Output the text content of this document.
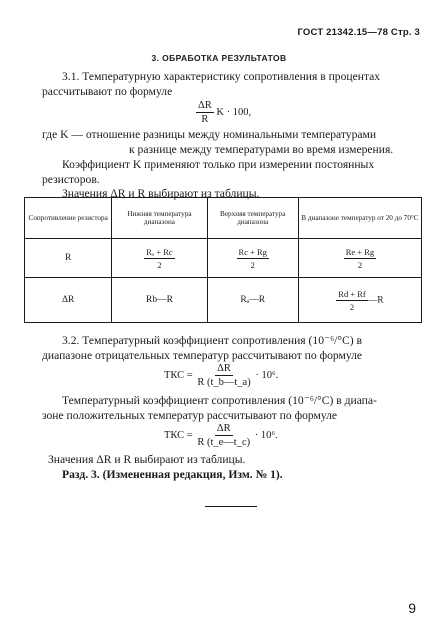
ГОСТ 21342.15—78 Стр. 3
3. ОБРАБОТКА РЕЗУЛЬТАТОВ
3.1. Температурную характеристику сопротивления в процентах
рассчитывают по формуле
$\frac{\Delta R}{R}$ K · 100,
где K — отношение разницы между номинальными температурами
к разнице между температурами во время измерения.
Коэффициент K применяют только при измерении постоянных
резисторов.
Значения ΔR и R выбирают из таблицы.
Сопротивление резистора	Нижняя температура диапазона	Верхняя температура диапазона	В диапазоне температур от 20 до 70°С
R	$\frac{\text{Rₐ + Rc}}{2}$	$\frac{Rc + Rg}{2}$	$\frac{Re + Rg}{2}$

ΔR	Rb—R	Rₐ—R	$\frac{Rd + Rf}{2}$ —R
3.2. Температурный коэффициент сопротивления (10⁻⁶/°С) в
диапазоне отрицательных температур рассчитывают по формуле
ТКС = $\frac{\Delta R}{R (t\_b—t\_a)} \cdot 10^6$.
Температурный коэффициент сопротивления (10⁻⁶/°С) в диапа-
зоне положительных температур рассчитывают по формуле
ТКС = $\frac{\Delta R}{R (t\_e—t\_c)} \cdot 10^6$.
Значения ΔR и R выбирают из таблицы.
Разд. 3. (Измененная редакция, Изм. № 1).
9
